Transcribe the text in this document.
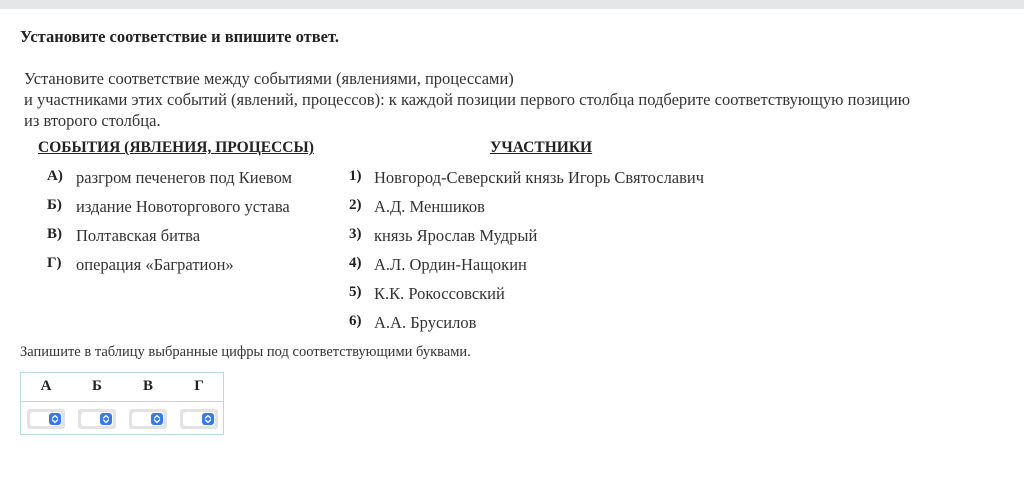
Установите соответствие и впишите ответ.
Установите соответствие между событиями (явлениями, процессами)
и участниками этих событий (явлений, процессов): к каждой позиции первого столбца подберите соответствующую позицию
из второго столбца.
СОБЫТИЯ (ЯВЛЕНИЯ, ПРОЦЕССЫ)	УЧАСТНИКИ
А) разгром печенегов под Киевом
Б) издание Новоторгового устава
В) Полтавская битва
Г) операция «Багратион»
1) Новгород-Северский князь Игорь Святославич
2) А.Д. Меншиков
3) князь Ярослав Мудрый
4) А.Л. Ордин-Нащокин
5) К.К. Рокоссовский
6) А.А. Брусилов
Запишите в таблицу выбранные цифры под соответствующими буквами.
А	Б	В	Г
